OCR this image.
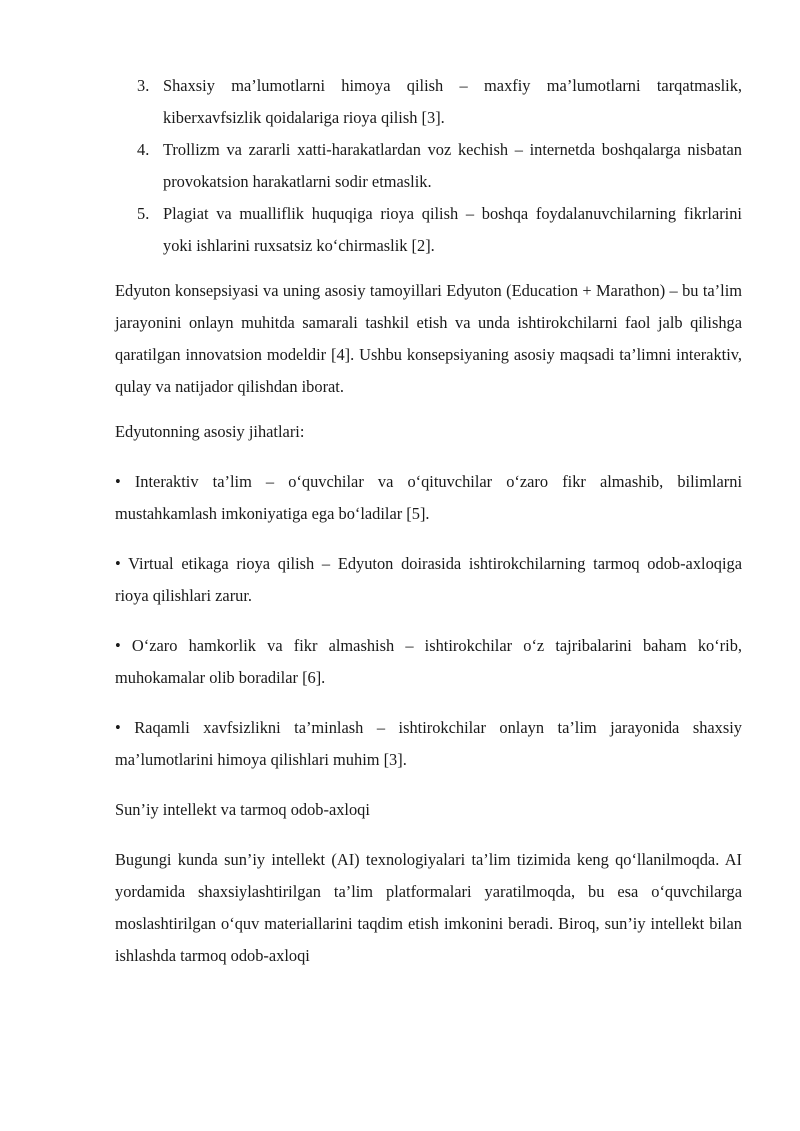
3. Shaxsiy ma’lumotlarni himoya qilish – maxfiy ma’lumotlarni tarqatmaslik, kiberxavfsizlik qoidalariga rioya qilish [3].
4. Trollizm va zararli xatti-harakatlardan voz kechish – internetda boshqalarga nisbatan provokatsion harakatlarni sodir etmaslik.
5. Plagiat va mualliflik huquqiga rioya qilish – boshqa foydalanuvchilarning fikrlarini yoki ishlarini ruxsatsiz ko‘chirmaslik [2].

Edyuton konsepsiyasi va uning asosiy tamoyillari Edyuton (Education + Marathon) – bu ta’lim jarayonini onlayn muhitda samarali tashkil etish va unda ishtirokchilarni faol jalb qilishga qaratilgan innovatsion modeldir [4]. Ushbu konsepsiyaning asosiy maqsadi ta’limni interaktiv, qulay va natijador qilishdan iborat.

Edyutonning asosiy jihatlari:

• Interaktiv ta’lim – o‘quvchilar va o‘qituvchilar o‘zaro fikr almashib, bilimlarni mustahkamlash imkoniyatiga ega bo‘ladilar [5].

• Virtual etikaga rioya qilish – Edyuton doirasida ishtirokchilarning tarmoq odob-axloqiga rioya qilishlari zarur.

• O‘zaro hamkorlik va fikr almashish – ishtirokchilar o‘z tajribalarini baham ko‘rib, muhokamalar olib boradilar [6].

• Raqamli xavfsizlikni ta’minlash – ishtirokchilar onlayn ta’lim jarayonida shaxsiy ma’lumotlarini himoya qilishlari muhim [3].

Sun’iy intellekt va tarmoq odob-axloqi

Bugungi kunda sun’iy intellekt (AI) texnologiyalari ta’lim tizimida keng qo‘llanilmoqda. AI yordamida shaxsiylashtirilgan ta’lim platformalari yaratilmoqda, bu esa o‘quvchilarga moslashtirilgan o‘quv materiallarini taqdim etish imkonini beradi. Biroq, sun’iy intellekt bilan ishlashda tarmoq odob-axloqi
